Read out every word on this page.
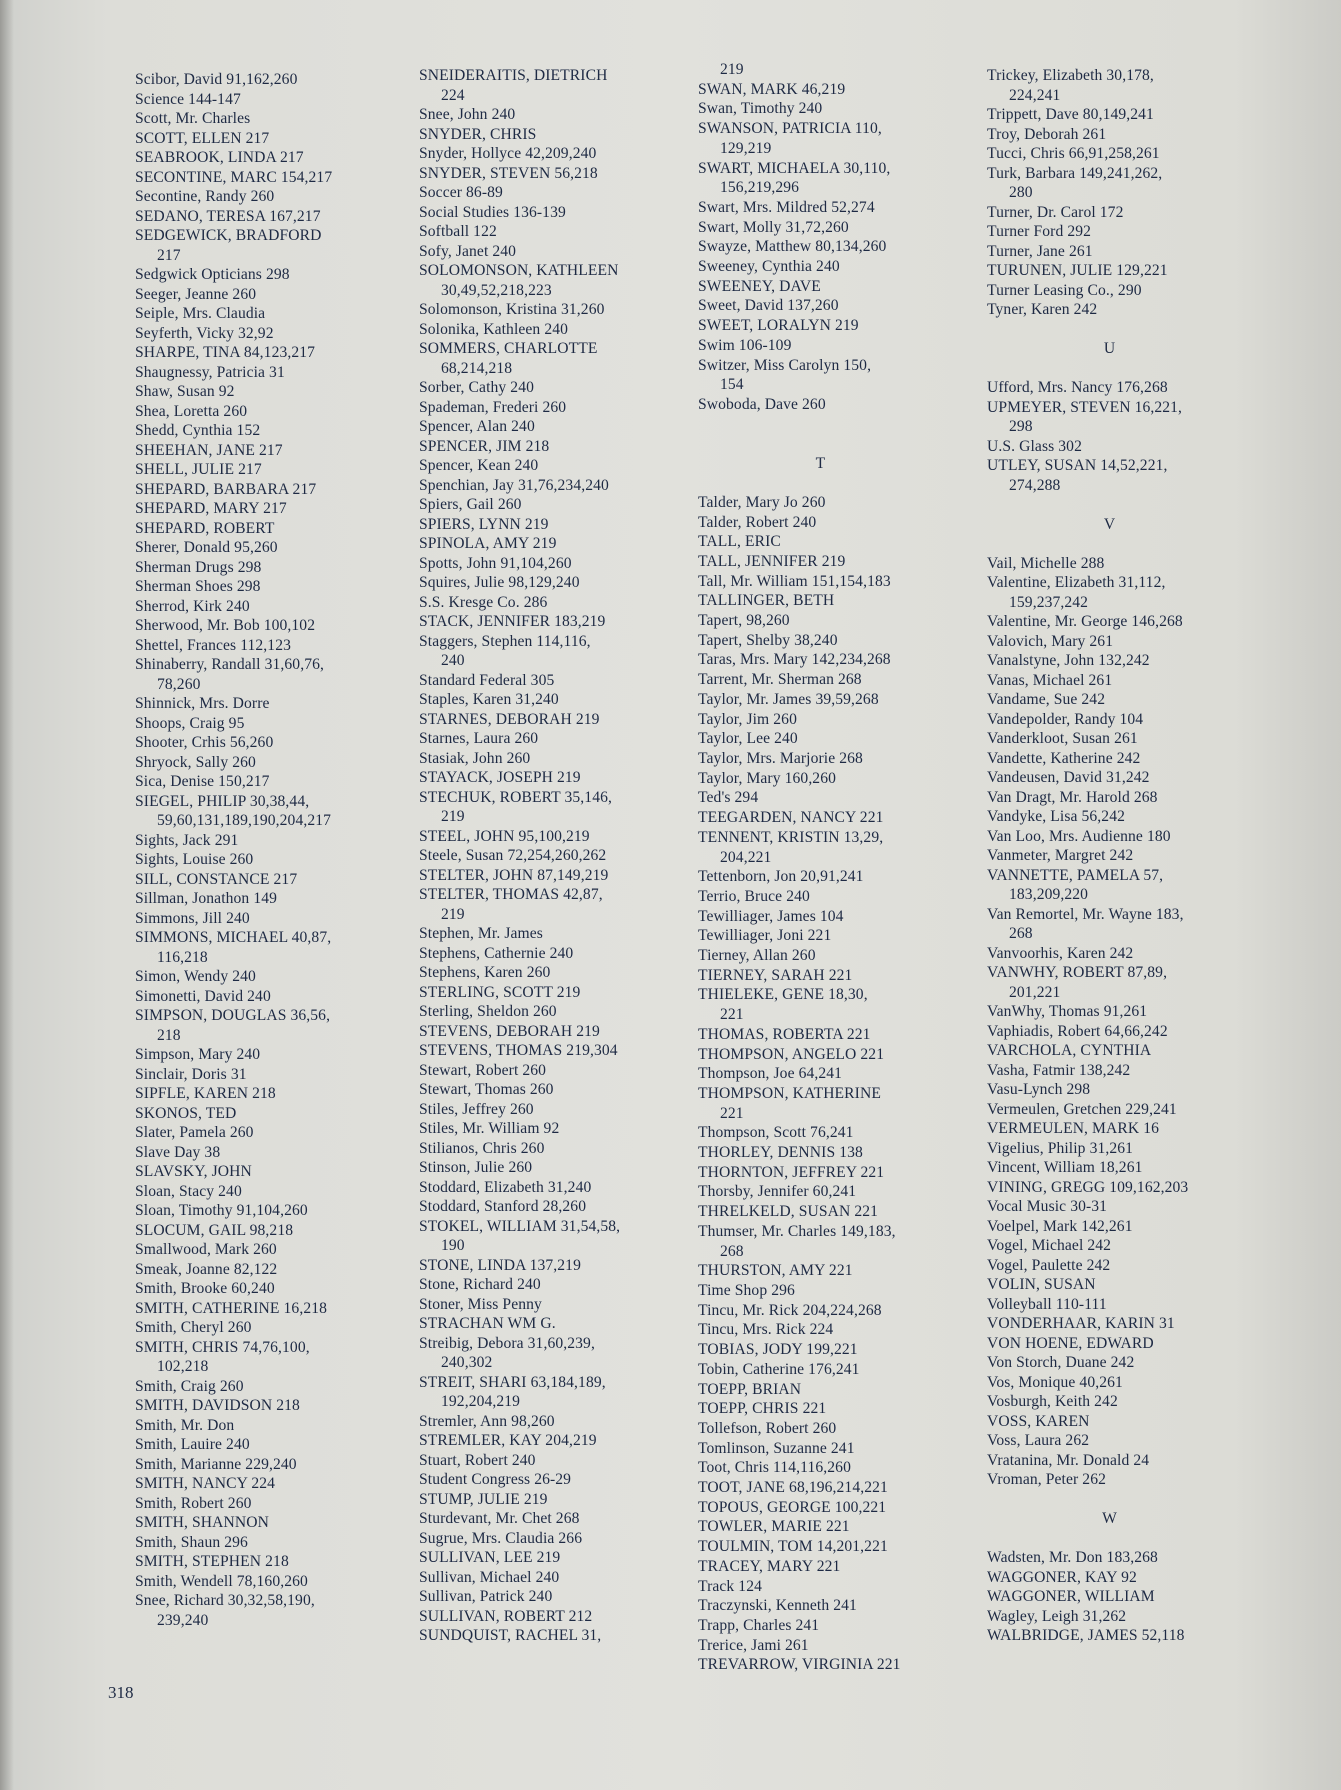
Scibor, David 91,162,260
Science 144-147
Scott, Mr. Charles
SCOTT, ELLEN 217
SEABROOK, LINDA 217
SECONTINE, MARC 154,217
Secontine, Randy 260
SEDANO, TERESA 167,217
SEDGEWICK, BRADFORD
217
Sedgwick Opticians 298
Seeger, Jeanne 260
Seiple, Mrs. Claudia
Seyferth, Vicky 32,92
SHARPE, TINA 84,123,217
Shaugnessy, Patricia 31
Shaw, Susan 92
Shea, Loretta 260
Shedd, Cynthia 152
SHEEHAN, JANE 217
SHELL, JULIE 217
SHEPARD, BARBARA 217
SHEPARD, MARY 217
SHEPARD, ROBERT
Sherer, Donald 95,260
Sherman Drugs 298
Sherman Shoes 298
Sherrod, Kirk 240
Sherwood, Mr. Bob 100,102
Shettel, Frances 112,123
Shinaberry, Randall 31,60,76,
78,260
Shinnick, Mrs. Dorre
Shoops, Craig 95
Shooter, Crhis 56,260
Shryock, Sally 260
Sica, Denise 150,217
SIEGEL, PHILIP 30,38,44,
59,60,131,189,190,204,217
Sights, Jack 291
Sights, Louise 260
SILL, CONSTANCE 217
Sillman, Jonathon 149
Simmons, Jill 240
SIMMONS, MICHAEL 40,87,
116,218
Simon, Wendy 240
Simonetti, David 240
SIMPSON, DOUGLAS 36,56,
218
Simpson, Mary 240
Sinclair, Doris 31
SIPFLE, KAREN 218
SKONOS, TED
Slater, Pamela 260
Slave Day 38
SLAVSKY, JOHN
Sloan, Stacy 240
Sloan, Timothy 91,104,260
SLOCUM, GAIL 98,218
Smallwood, Mark 260
Smeak, Joanne 82,122
Smith, Brooke 60,240
SMITH, CATHERINE 16,218
Smith, Cheryl 260
SMITH, CHRIS 74,76,100,
102,218
Smith, Craig 260
SMITH, DAVIDSON 218
Smith, Mr. Don
Smith, Lauire 240
Smith, Marianne 229,240
SMITH, NANCY 224
Smith, Robert 260
SMITH, SHANNON
Smith, Shaun 296
SMITH, STEPHEN 218
Smith, Wendell 78,160,260
Snee, Richard 30,32,58,190,
239,240
SNEIDERAITIS, DIETRICH
224
Snee, John 240
SNYDER, CHRIS
Snyder, Hollyce 42,209,240
SNYDER, STEVEN 56,218
Soccer 86-89
Social Studies 136-139
Softball 122
Sofy, Janet 240
SOLOMONSON, KATHLEEN
30,49,52,218,223
Solomonson, Kristina 31,260
Solonika, Kathleen 240
SOMMERS, CHARLOTTE
68,214,218
Sorber, Cathy 240
Spademan, Frederi 260
Spencer, Alan 240
SPENCER, JIM 218
Spencer, Kean 240
Spenchian, Jay 31,76,234,240
Spiers, Gail 260
SPIERS, LYNN 219
SPINOLA, AMY 219
Spotts, John 91,104,260
Squires, Julie 98,129,240
S.S. Kresge Co. 286
STACK, JENNIFER 183,219
Staggers, Stephen 114,116,
240
Standard Federal 305
Staples, Karen 31,240
STARNES, DEBORAH 219
Starnes, Laura 260
Stasiak, John 260
STAYACK, JOSEPH 219
STECHUK, ROBERT 35,146,
219
STEEL, JOHN 95,100,219
Steele, Susan 72,254,260,262
STELTER, JOHN 87,149,219
STELTER, THOMAS 42,87,
219
Stephen, Mr. James
Stephens, Cathernie 240
Stephens, Karen 260
STERLING, SCOTT 219
Sterling, Sheldon 260
STEVENS, DEBORAH 219
STEVENS, THOMAS 219,304
Stewart, Robert 260
Stewart, Thomas 260
Stiles, Jeffrey 260
Stiles, Mr. William 92
Stilianos, Chris 260
Stinson, Julie 260
Stoddard, Elizabeth 31,240
Stoddard, Stanford 28,260
STOKEL, WILLIAM 31,54,58,
190
STONE, LINDA 137,219
Stone, Richard 240
Stoner, Miss Penny
STRACHAN WM G.
Streibig, Debora 31,60,239,
240,302
STREIT, SHARI 63,184,189,
192,204,219
Stremler, Ann 98,260
STREMLER, KAY 204,219
Stuart, Robert 240
Student Congress 26-29
STUMP, JULIE 219
Sturdevant, Mr. Chet 268
Sugrue, Mrs. Claudia 266
SULLIVAN, LEE 219
Sullivan, Michael 240
Sullivan, Patrick 240
SULLIVAN, ROBERT 212
SUNDQUIST, RACHEL 31,
219
SWAN, MARK 46,219
Swan, Timothy 240
SWANSON, PATRICIA 110,
129,219
SWART, MICHAELA 30,110,
156,219,296
Swart, Mrs. Mildred 52,274
Swart, Molly 31,72,260
Swayze, Matthew 80,134,260
Sweeney, Cynthia 240
SWEENEY, DAVE
Sweet, David 137,260
SWEET, LORALYN 219
Swim 106-109
Switzer, Miss Carolyn 150,
154
Swoboda, Dave 260
T
Talder, Mary Jo 260
Talder, Robert 240
TALL, ERIC
TALL, JENNIFER 219
Tall, Mr. William 151,154,183
TALLINGER, BETH
Tapert, 98,260
Tapert, Shelby 38,240
Taras, Mrs. Mary 142,234,268
Tarrent, Mr. Sherman 268
Taylor, Mr. James 39,59,268
Taylor, Jim 260
Taylor, Lee 240
Taylor, Mrs. Marjorie 268
Taylor, Mary 160,260
Ted's 294
TEEGARDEN, NANCY 221
TENNENT, KRISTIN 13,29,
204,221
Tettenborn, Jon 20,91,241
Terrio, Bruce 240
Tewilliager, James 104
Tewilliager, Joni 221
Tierney, Allan 260
TIERNEY, SARAH 221
THIELEKE, GENE 18,30,
221
THOMAS, ROBERTA 221
THOMPSON, ANGELO 221
Thompson, Joe 64,241
THOMPSON, KATHERINE
221
Thompson, Scott 76,241
THORLEY, DENNIS 138
THORNTON, JEFFREY 221
Thorsby, Jennifer 60,241
THRELKELD, SUSAN 221
Thumser, Mr. Charles 149,183,
268
THURSTON, AMY 221
Time Shop 296
Tincu, Mr. Rick 204,224,268
Tincu, Mrs. Rick 224
TOBIAS, JODY 199,221
Tobin, Catherine 176,241
TOEPP, BRIAN
TOEPP, CHRIS 221
Tollefson, Robert 260
Tomlinson, Suzanne 241
Toot, Chris 114,116,260
TOOT, JANE 68,196,214,221
TOPOUS, GEORGE 100,221
TOWLER, MARIE 221
TOULMIN, TOM 14,201,221
TRACEY, MARY 221
Track 124
Traczynski, Kenneth 241
Trapp, Charles 241
Trerice, Jami 261
TREVARROW, VIRGINIA 221
Trickey, Elizabeth 30,178,
224,241
Trippett, Dave 80,149,241
Troy, Deborah 261
Tucci, Chris 66,91,258,261
Turk, Barbara 149,241,262,
280
Turner, Dr. Carol 172
Turner Ford 292
Turner, Jane 261
TURUNEN, JULIE 129,221
Turner Leasing Co., 290
Tyner, Karen 242
U
Ufford, Mrs. Nancy 176,268
UPMEYER, STEVEN 16,221,
298
U.S. Glass 302
UTLEY, SUSAN 14,52,221,
274,288
V
Vail, Michelle 288
Valentine, Elizabeth 31,112,
159,237,242
Valentine, Mr. George 146,268
Valovich, Mary 261
Vanalstyne, John 132,242
Vanas, Michael 261
Vandame, Sue 242
Vandepolder, Randy 104
Vanderkloot, Susan 261
Vandette, Katherine 242
Vandeusen, David 31,242
Van Dragt, Mr. Harold 268
Vandyke, Lisa 56,242
Van Loo, Mrs. Audienne 180
Vanmeter, Margret 242
VANNETTE, PAMELA 57,
183,209,220
Van Remortel, Mr. Wayne 183,
268
Vanvoorhis, Karen 242
VANWHY, ROBERT 87,89,
201,221
VanWhy, Thomas 91,261
Vaphiadis, Robert 64,66,242
VARCHOLA, CYNTHIA
Vasha, Fatmir 138,242
Vasu-Lynch 298
Vermeulen, Gretchen 229,241
VERMEULEN, MARK 16
Vigelius, Philip 31,261
Vincent, William 18,261
VINING, GREGG 109,162,203
Vocal Music 30-31
Voelpel, Mark 142,261
Vogel, Michael 242
Vogel, Paulette 242
VOLIN, SUSAN
Volleyball 110-111
VONDERHAAR, KARIN 31
VON HOENE, EDWARD
Von Storch, Duane 242
Vos, Monique 40,261
Vosburgh, Keith 242
VOSS, KAREN
Voss, Laura 262
Vratanina, Mr. Donald 24
Vroman, Peter 262
W
Wadsten, Mr. Don 183,268
WAGGONER, KAY 92
WAGGONER, WILLIAM
Wagley, Leigh 31,262
WALBRIDGE, JAMES 52,118
318
